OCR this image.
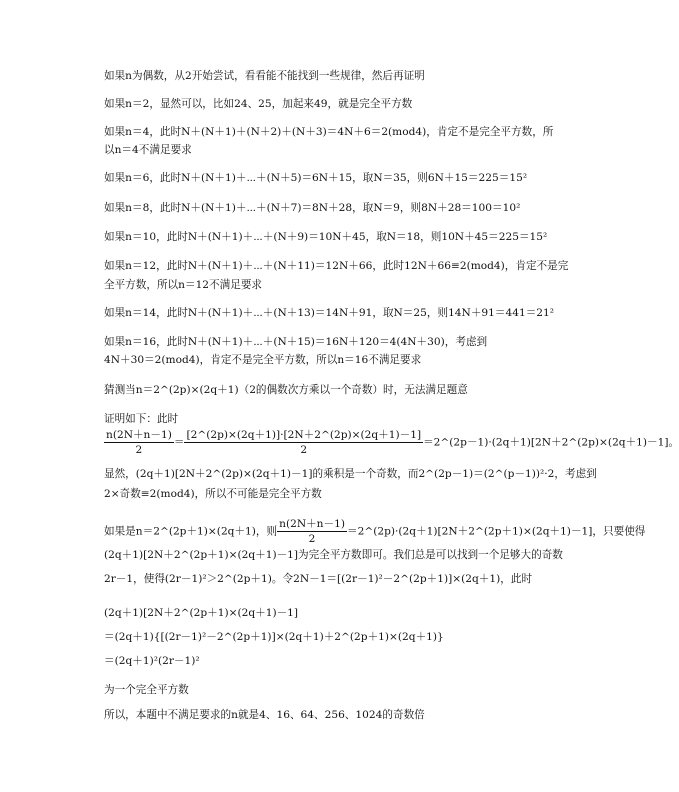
如果n为偶数，从2开始尝试，看看能不能找到一些规律，然后再证明
如果n＝2，显然可以，比如24、25，加起来49，就是完全平方数
如果n＝4，此时N＋(N＋1)＋(N＋2)＋(N＋3)＝4N＋6＝2(mod4)，肯定不是完全平方数，所
以n＝4不满足要求
如果n＝6，此时N＋(N＋1)＋⋯＋(N＋5)＝6N＋15，取N＝35，则6N＋15＝225＝15²
如果n＝8，此时N＋(N＋1)＋⋯＋(N＋7)＝8N＋28，取N＝9，则8N＋28＝100＝10²
如果n＝10，此时N＋(N＋1)＋⋯＋(N＋9)＝10N＋45，取N＝18，则10N＋45＝225＝15²
如果n＝12，此时N＋(N＋1)＋⋯＋(N＋11)＝12N＋66，此时12N＋66≡2(mod4)，肯定不是完
全平方数，所以n＝12不满足要求
如果n＝14，此时N＋(N＋1)＋⋯＋(N＋13)＝14N＋91，取N＝25，则14N＋91＝441＝21²
如果n＝16，此时N＋(N＋1)＋⋯＋(N＋15)＝16N＋120＝4(4N＋30)，考虑到
4N＋30＝2(mod4)，肯定不是完全平方数，所以n＝16不满足要求
猜测当n＝2^(2p)×(2q＋1)（2的偶数次方乘以一个奇数）时，无法满足题意
证明如下：此时
$\frac{n(2N+n-1)}{2} = \frac{[2\^{}(2p)\times(2q+1)]\cdot[2N+2\^{}(2p)\times(2q+1)-1]}{2}$ ＝2^(2p－1)·(2q＋1)[2N＋2^(2p)×(2q＋1)－1]。
显然，(2q＋1)[2N＋2^(2p)×(2q＋1)－1]的乘积是一个奇数，而2^(2p－1)＝(2^(p－1))²·2，考虑到
2×奇数≡2(mod4)，所以不可能是完全平方数
如果是n＝2^(2p＋1)×(2q＋1)，则 $\frac{n(2N+n-1)}{2}$ ＝2^(2p)·(2q＋1)[2N＋2^(2p＋1)×(2q＋1)－1]，只要使得
(2q＋1)[2N＋2^(2p＋1)×(2q＋1)－1]为完全平方数即可。我们总是可以找到一个足够大的奇数
2r－1，使得(2r－1)²＞2^(2p＋1)。令2N－1＝[(2r－1)²－2^(2p＋1)]×(2q＋1)，此时
(2q＋1)[2N＋2^(2p＋1)×(2q＋1)－1]
＝(2q＋1){[(2r－1)²－2^(2p＋1)]×(2q＋1)＋2^(2p＋1)×(2q＋1)}
＝(2q＋1)²(2r－1)²
为一个完全平方数
所以，本题中不满足要求的n就是4、16、64、256、1024的奇数倍
